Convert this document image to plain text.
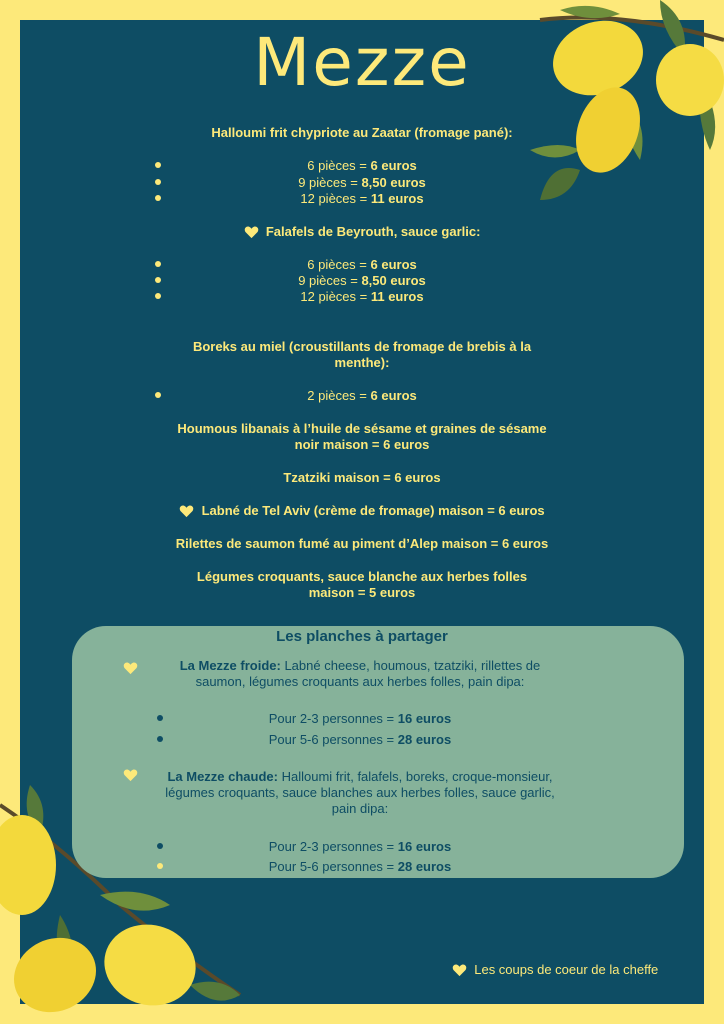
Mezze
Halloumi frit chypriote au Zaatar (fromage pané):
6 pièces = 6 euros
9 pièces = 8,50 euros
12 pièces = 11 euros
Falafels de Beyrouth, sauce garlic:
6 pièces = 6 euros
9 pièces = 8,50 euros
12 pièces = 11 euros
Boreks au miel (croustillants de fromage de brebis à la
menthe):
2 pièces = 6 euros
Houmous libanais à l’huile de sésame et graines de sésame
noir maison = 6 euros
Tzatziki maison = 6 euros
Labné de Tel Aviv (crème de fromage) maison = 6 euros
Rilettes de saumon fumé au piment d’Alep maison = 6 euros
Légumes croquants, sauce blanche aux herbes folles
maison = 5 euros
Les planches à partager
La Mezze froide: Labné cheese, houmous, tzatziki, rillettes de
saumon, légumes croquants aux herbes folles, pain dipa:
Pour 2-3 personnes = 16 euros
Pour 5-6 personnes = 28 euros
La Mezze chaude: Halloumi frit, falafels, boreks, croque-monsieur,
légumes croquants, sauce blanches aux herbes folles, sauce garlic,
pain dipa:
Pour 2-3 personnes = 16 euros
Pour 5-6 personnes = 28 euros
Les coups de coeur de la cheffe
